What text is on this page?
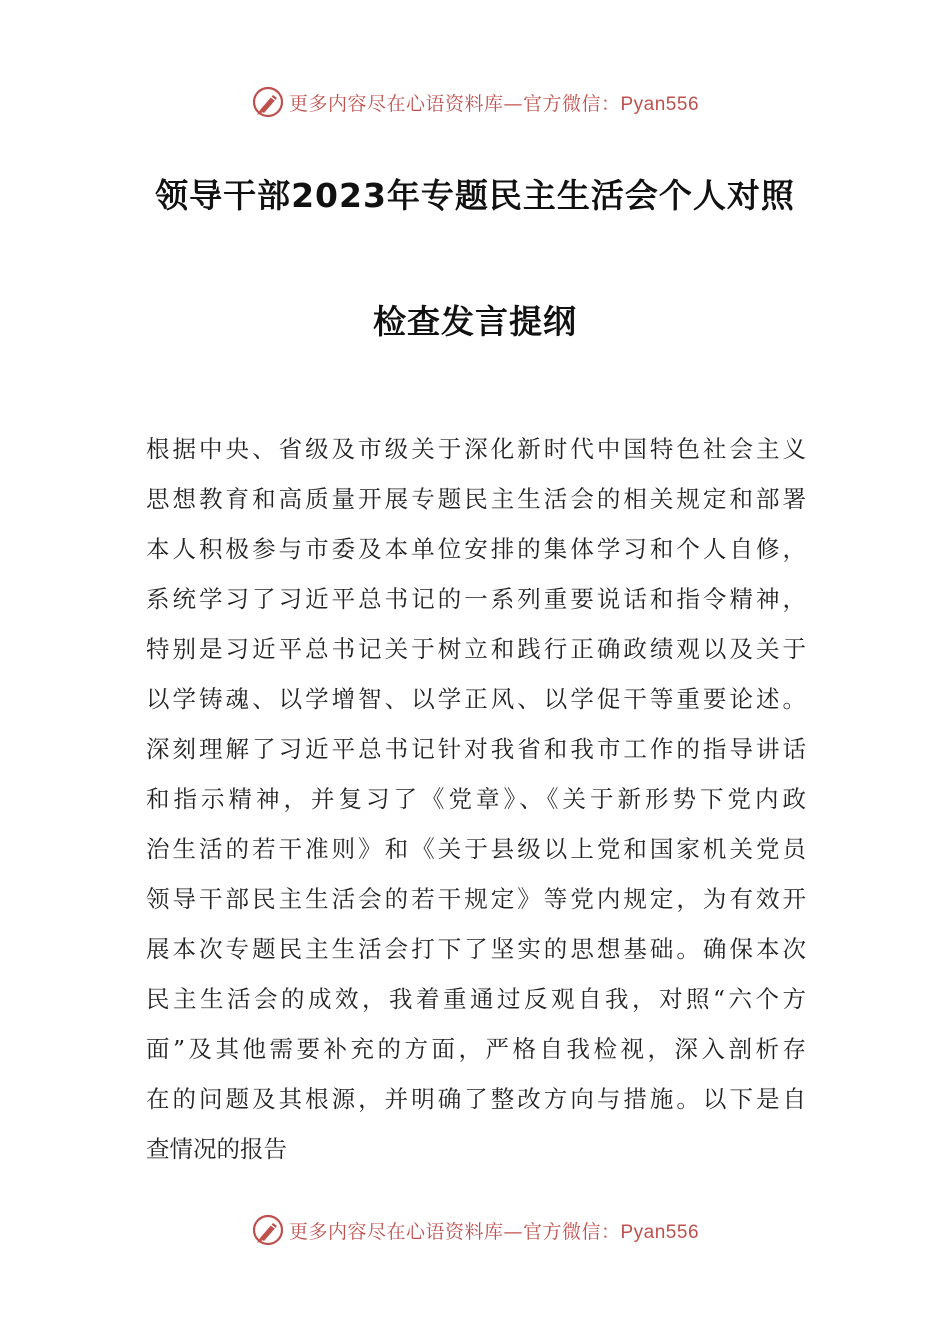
更多内容尽在心语资料库—官方微信：Pyan556
领导干部2023年专题民主生活会个人对照
检查发言提纲
根据中央、省级及市级关于深化新时代中国特色社会主义
思想教育和高质量开展专题民主生活会的相关规定和部署
本人积极参与市委及本单位安排的集体学习和个人自修，
系统学习了习近平总书记的一系列重要说话和指令精神，
特别是习近平总书记关于树立和践行正确政绩观以及关于
以学铸魂、以学增智、以学正风、以学促干等重要论述。
深刻理解了习近平总书记针对我省和我市工作的指导讲话
和指示精神，并复习了《党章》、《关于新形势下党内政
治生活的若干准则》和《关于县级以上党和国家机关党员
领导干部民主生活会的若干规定》等党内规定，为有效开
展本次专题民主生活会打下了坚实的思想基础。确保本次
民主生活会的成效，我着重通过反观自我，对照“六个方
面”及其他需要补充的方面，严格自我检视，深入剖析存
在的问题及其根源，并明确了整改方向与措施。以下是自
查情况的报告
更多内容尽在心语资料库—官方微信：Pyan556
